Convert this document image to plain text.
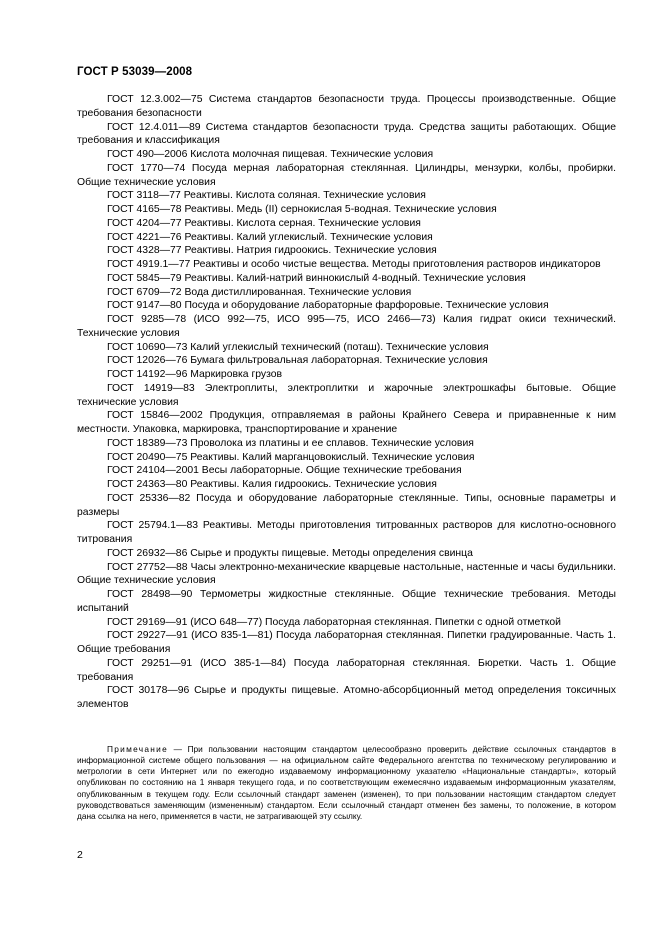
ГОСТ Р 53039—2008

ГОСТ 12.3.002—75 Система стандартов безопасности труда. Процессы производственные. Общие требования безопасности

ГОСТ 12.4.011—89 Система стандартов безопасности труда. Средства защиты работающих. Общие требования и классификация

ГОСТ 490—2006 Кислота молочная пищевая. Технические условия

ГОСТ 1770—74 Посуда мерная лабораторная стеклянная. Цилиндры, мензурки, колбы, пробирки. Общие технические условия

ГОСТ 3118—77 Реактивы. Кислота соляная. Технические условия

ГОСТ 4165—78 Реактивы. Медь (II) сернокислая 5-водная. Технические условия

ГОСТ 4204—77 Реактивы. Кислота серная. Технические условия

ГОСТ 4221—76 Реактивы. Калий углекислый. Технические условия

ГОСТ 4328—77 Реактивы. Натрия гидроокись. Технические условия

ГОСТ 4919.1—77 Реактивы и особо чистые вещества. Методы приготовления растворов индикаторов

ГОСТ 5845—79 Реактивы. Калий-натрий виннокислый 4-водный. Технические условия

ГОСТ 6709—72 Вода дистиллированная. Технические условия

ГОСТ 9147—80 Посуда и оборудование лабораторные фарфоровые. Технические условия

ГОСТ 9285—78 (ИСО 992—75, ИСО 995—75, ИСО 2466—73) Калия гидрат окиси технический. Технические условия

ГОСТ 10690—73 Калий углекислый технический (поташ). Технические условия

ГОСТ 12026—76 Бумага фильтровальная лабораторная. Технические условия

ГОСТ 14192—96 Маркировка грузов

ГОСТ 14919—83 Электроплиты, электроплитки и жарочные электрошкафы бытовые. Общие технические условия

ГОСТ 15846—2002 Продукция, отправляемая в районы Крайнего Севера и приравненные к ним местности. Упаковка, маркировка, транспортирование и хранение

ГОСТ 18389—73 Проволока из платины и ее сплавов. Технические условия

ГОСТ 20490—75 Реактивы. Калий марганцовокислый. Технические условия

ГОСТ 24104—2001 Весы лабораторные. Общие технические требования

ГОСТ 24363—80 Реактивы. Калия гидроокись. Технические условия

ГОСТ 25336—82 Посуда и оборудование лабораторные стеклянные. Типы, основные параметры и размеры

ГОСТ 25794.1—83 Реактивы. Методы приготовления титрованных растворов для кислотно-основного титрования

ГОСТ 26932—86 Сырье и продукты пищевые. Методы определения свинца

ГОСТ 27752—88 Часы электронно-механические кварцевые настольные, настенные и часы будильники. Общие технические условия

ГОСТ 28498—90 Термометры жидкостные стеклянные. Общие технические требования. Методы испытаний

ГОСТ 29169—91 (ИСО 648—77) Посуда лабораторная стеклянная. Пипетки с одной отметкой

ГОСТ 29227—91 (ИСО 835-1—81) Посуда лабораторная стеклянная. Пипетки градуированные. Часть 1. Общие требования

ГОСТ 29251—91 (ИСО 385-1—84) Посуда лабораторная стеклянная. Бюретки. Часть 1. Общие требования

ГОСТ 30178—96 Сырье и продукты пищевые. Атомно-абсорбционный метод определения токсичных элементов

Примечание — При пользовании настоящим стандартом целесообразно проверить действие ссылочных стандартов в информационной системе общего пользования — на официальном сайте Федерального агентства по техническому регулированию и метрологии в сети Интернет или по ежегодно издаваемому информационному указателю «Национальные стандарты», который опубликован по состоянию на 1 января текущего года, и по соответствующим ежемесячно издаваемым информационным указателям, опубликованным в текущем году. Если ссылочный стандарт заменен (изменен), то при пользовании настоящим стандартом следует руководствоваться заменяющим (измененным) стандартом. Если ссылочный стандарт отменен без замены, то положение, в котором дана ссылка на него, применяется в части, не затрагивающей эту ссылку.

2
